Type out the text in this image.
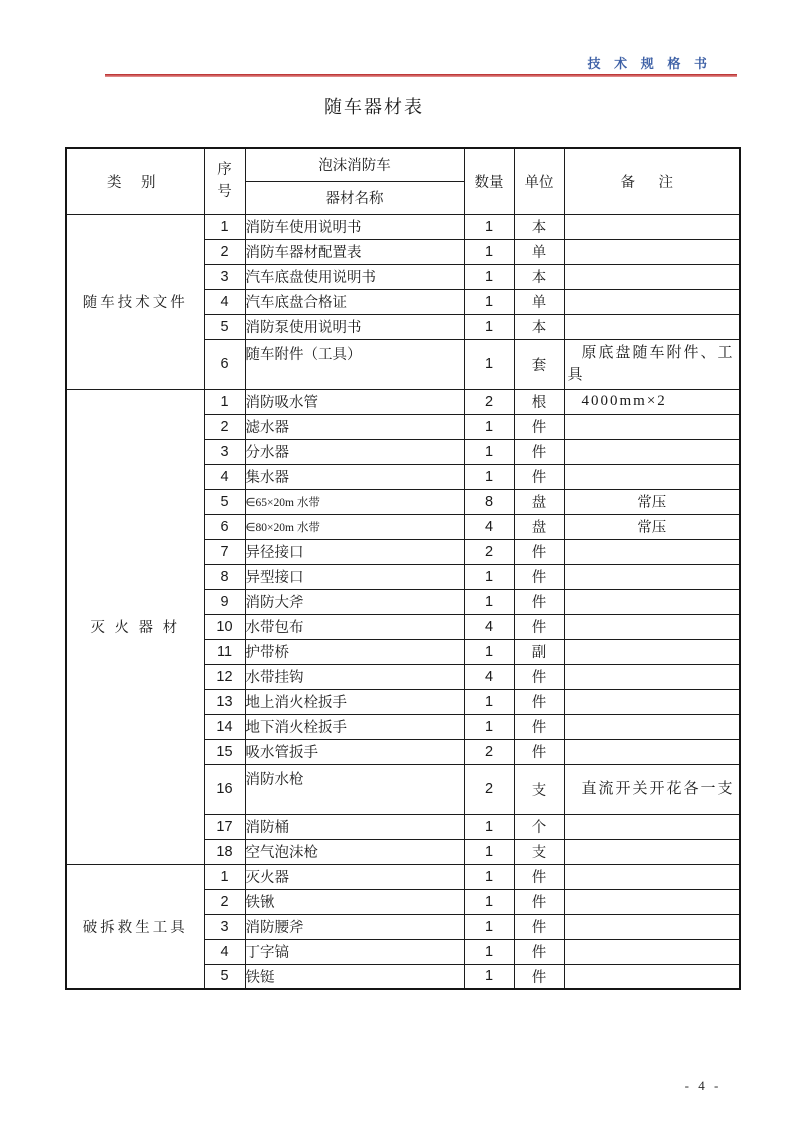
技 术 规 格 书
随车器材表
类 别	序号	泡沫消防车	数量	单位	备 注
		器材名称			
随车技术文件	1	消防车使用说明书	1	本	
	2	消防车器材配置表	1	单	
	3	汽车底盘使用说明书	1	本	
	4	汽车底盘合格证	1	单	
	5	消防泵使用说明书	1	本	
	6	随车附件（工具）	1	套	原底盘随车附件、工具
灭 火 器 材	1	消防吸水管	2	根	4000mm×2
	2	滤水器	1	件	
	3	分水器	1	件	
	4	集水器	1	件	
	5	∈65×20m 水带	8	盘	常压
	6	∈80×20m 水带	4	盘	常压
	7	异径接口	2	件	
	8	异型接口	1	件	
	9	消防大斧	1	件	
	10	水带包布	4	件	
	11	护带桥	1	副	
	12	水带挂钩	4	件	
	13	地上消火栓扳手	1	件	
	14	地下消火栓扳手	1	件	
	15	吸水管扳手	2	件	
	16	消防水枪	2	支	直流开关开花各一支
	17	消防桶	1	个	
	18	空气泡沫枪	1	支	
破拆救生工具	1	灭火器	1	件	
	2	铁锹	1	件	
	3	消防腰斧	1	件	
	4	丁字镐	1	件	
	5	铁铤	1	件	
- 4 -
